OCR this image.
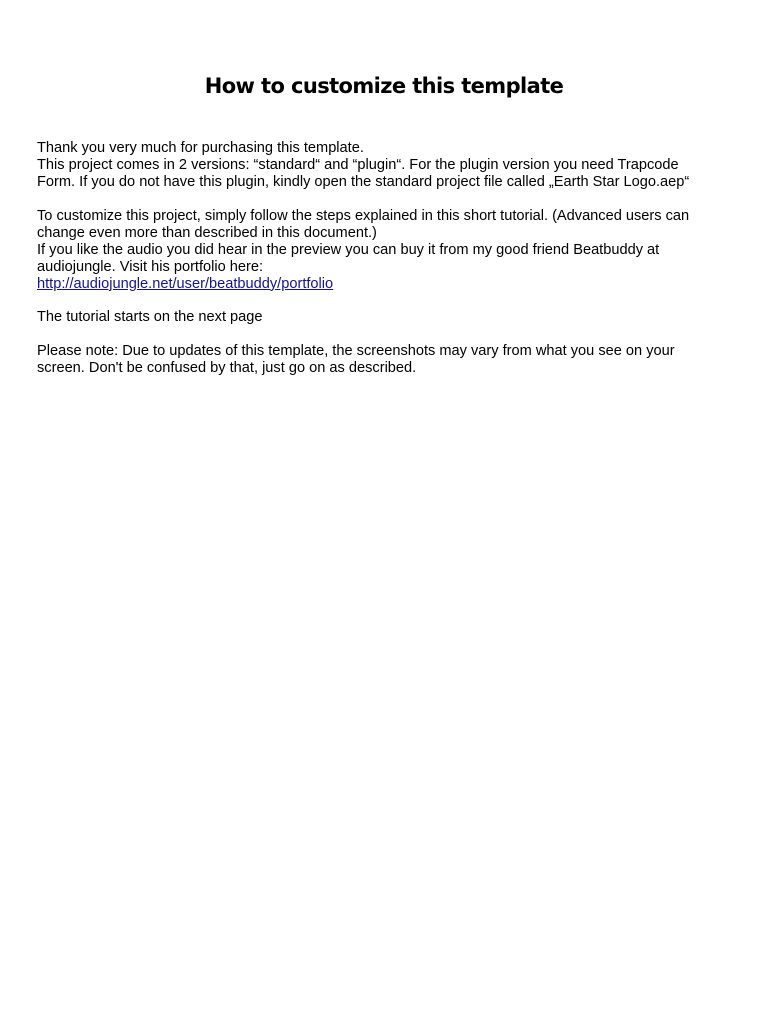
How to customize this template

Thank you very much for purchasing this template.
This project comes in 2 versions: “standard“ and “plugin“. For the plugin version you need Trapcode
Form. If you do not have this plugin, kindly open the standard project file called „Earth Star Logo.aep“

To customize this project, simply follow the steps explained in this short tutorial. (Advanced users can
change even more than described in this document.)
If you like the audio you did hear in the preview you can buy it from my good friend Beatbuddy at
audiojungle. Visit his portfolio here:
http://audiojungle.net/user/beatbuddy/portfolio

The tutorial starts on the next page

Please note: Due to updates of this template, the screenshots may vary from what you see on your
screen. Don't be confused by that, just go on as described.
